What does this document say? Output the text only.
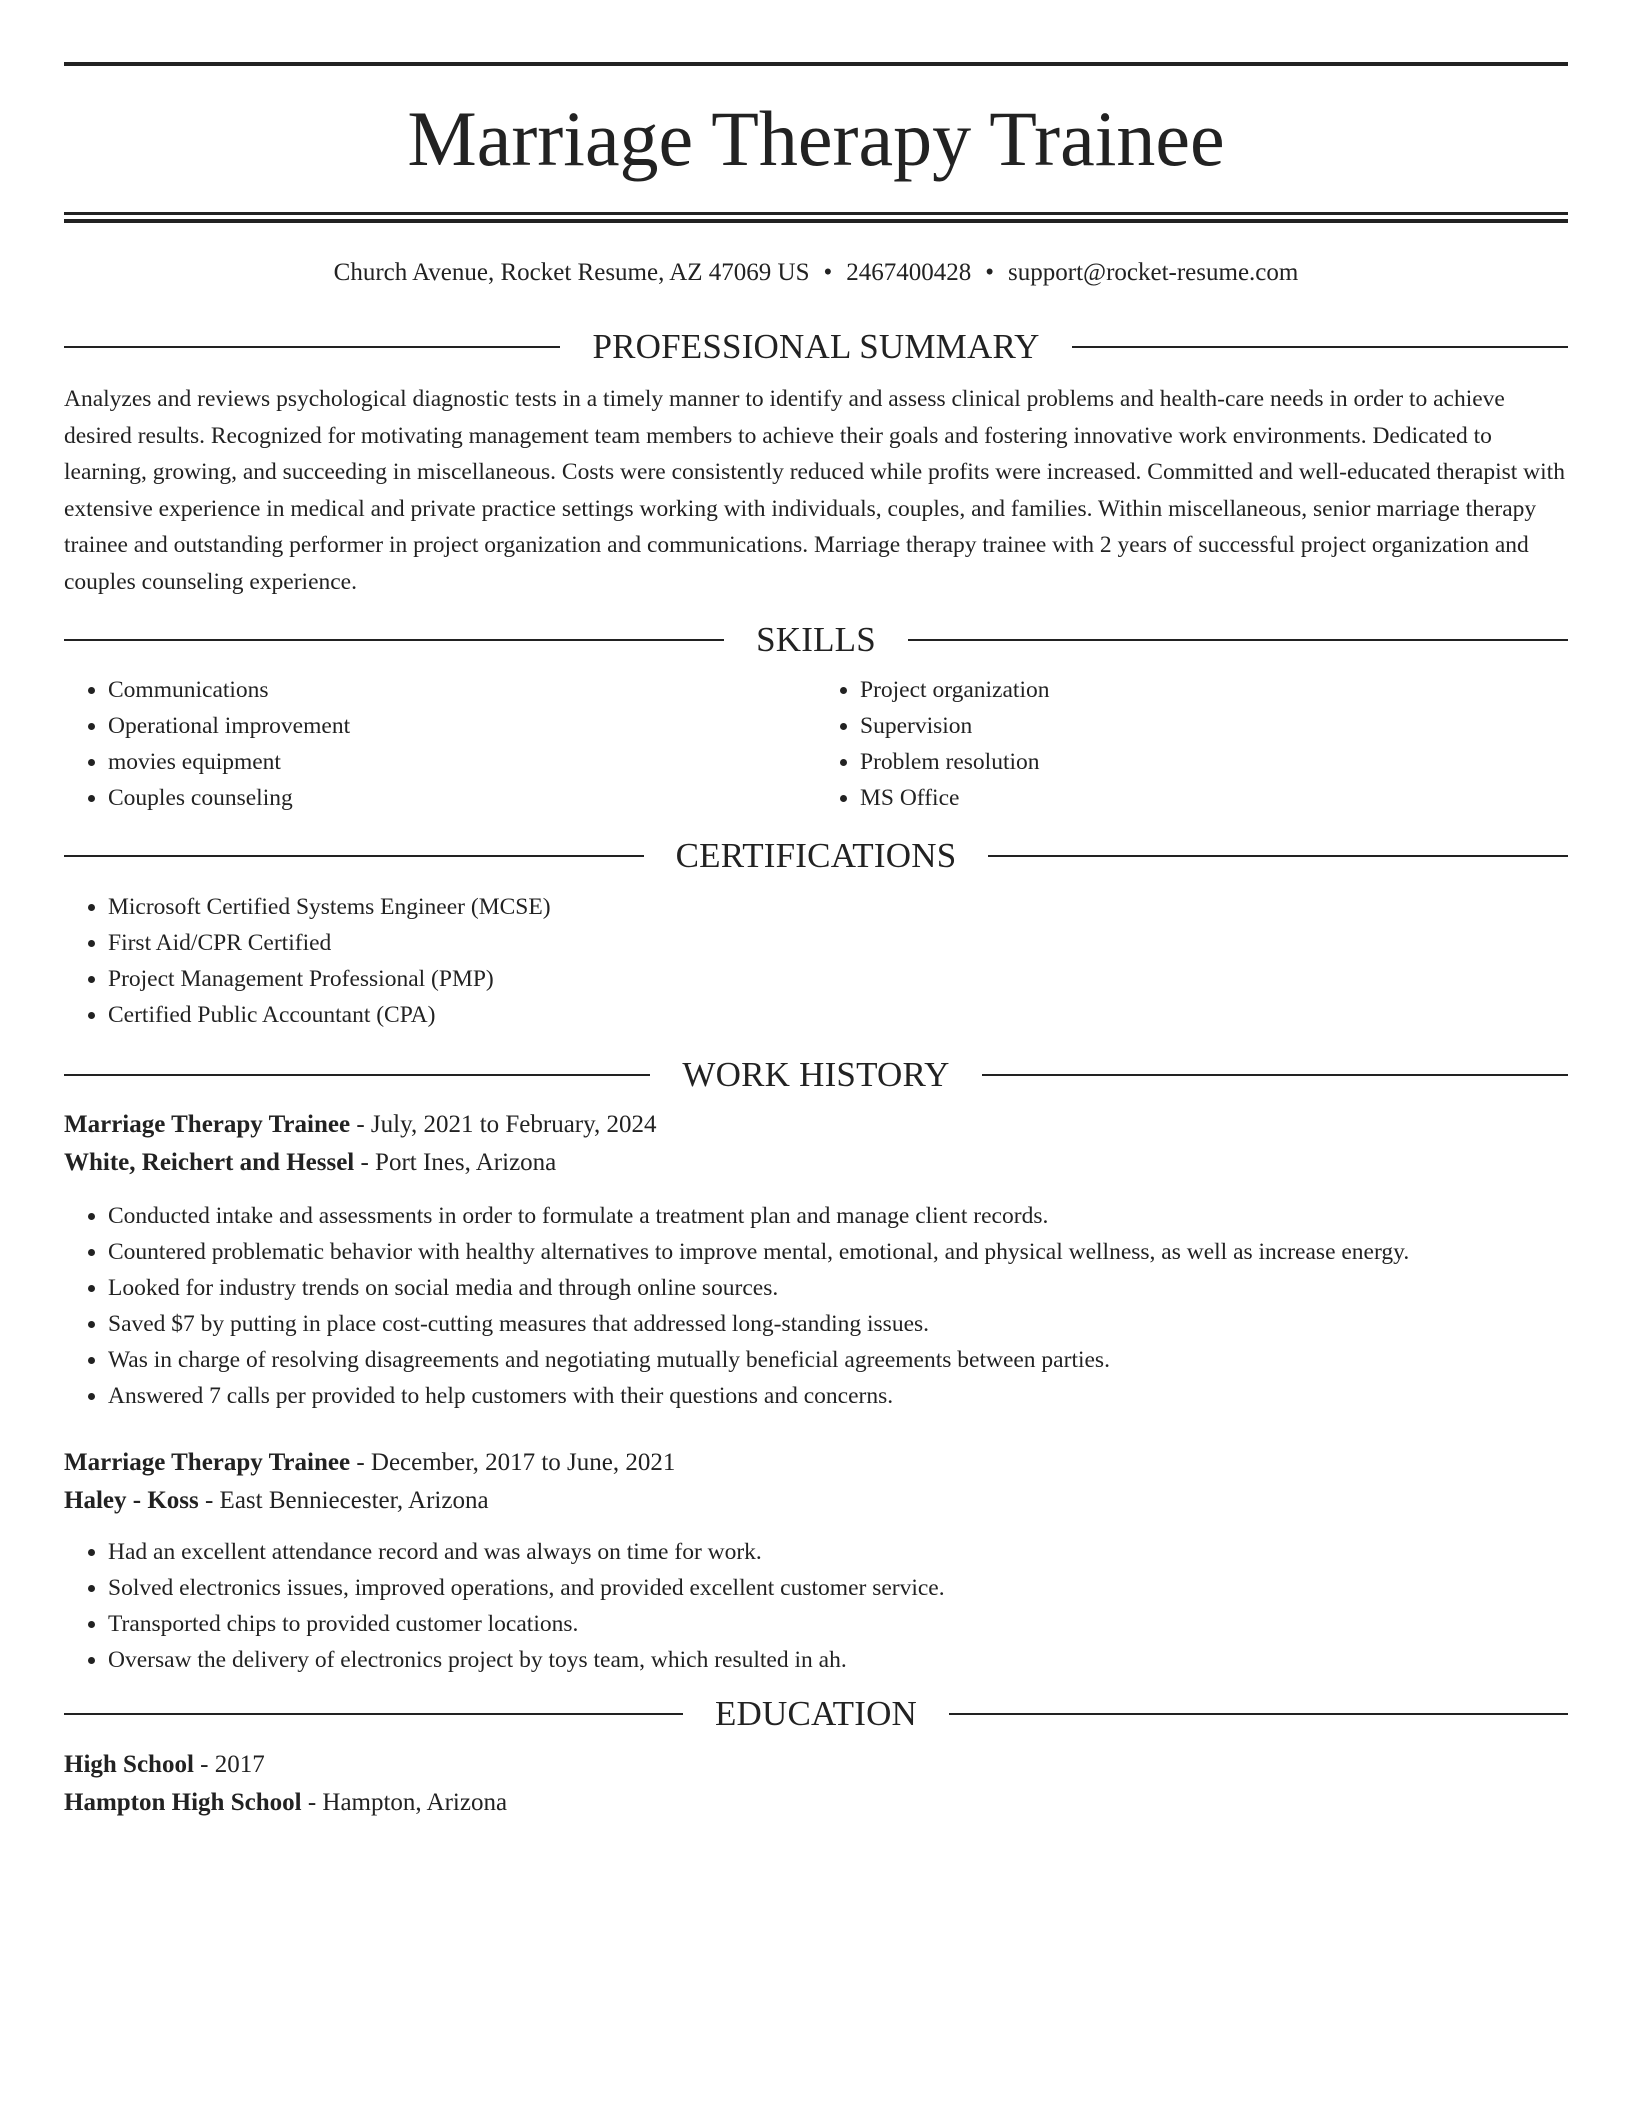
Marriage Therapy Trainee
Church Avenue, Rocket Resume, AZ 47069 US • 2467400428 • support@rocket-resume.com
PROFESSIONAL SUMMARY

Analyzes and reviews psychological diagnostic tests in a timely manner to identify and assess clinical problems and health-care needs in order to achieve desired results. Recognized for motivating management team members to achieve their goals and fostering innovative work environments. Dedicated to learning, growing, and succeeding in miscellaneous. Costs were consistently reduced while profits were increased. Committed and well-educated therapist with extensive experience in medical and private practice settings working with individuals, couples, and families. Within miscellaneous, senior marriage therapy trainee and outstanding performer in project organization and communications. Marriage therapy trainee with 2 years of successful project organization and couples counseling experience.

SKILLS
• Communications
• Operational improvement
• movies equipment
• Couples counseling
• Project organization
• Supervision
• Problem resolution
• MS Office
CERTIFICATIONS
• Microsoft Certified Systems Engineer (MCSE)
• First Aid/CPR Certified
• Project Management Professional (PMP)
• Certified Public Accountant (CPA)
WORK HISTORY
Marriage Therapy Trainee - July, 2021 to February, 2024
White, Reichert and Hessel - Port Ines, Arizona
• Conducted intake and assessments in order to formulate a treatment plan and manage client records.
• Countered problematic behavior with healthy alternatives to improve mental, emotional, and physical wellness, as well as increase energy.
• Looked for industry trends on social media and through online sources.
• Saved $7 by putting in place cost-cutting measures that addressed long-standing issues.
• Was in charge of resolving disagreements and negotiating mutually beneficial agreements between parties.
• Answered 7 calls per provided to help customers with their questions and concerns.
Marriage Therapy Trainee - December, 2017 to June, 2021
Haley - Koss - East Benniecester, Arizona
• Had an excellent attendance record and was always on time for work.
• Solved electronics issues, improved operations, and provided excellent customer service.
• Transported chips to provided customer locations.
• Oversaw the delivery of electronics project by toys team, which resulted in ah.
EDUCATION
High School - 2017
Hampton High School - Hampton, Arizona
